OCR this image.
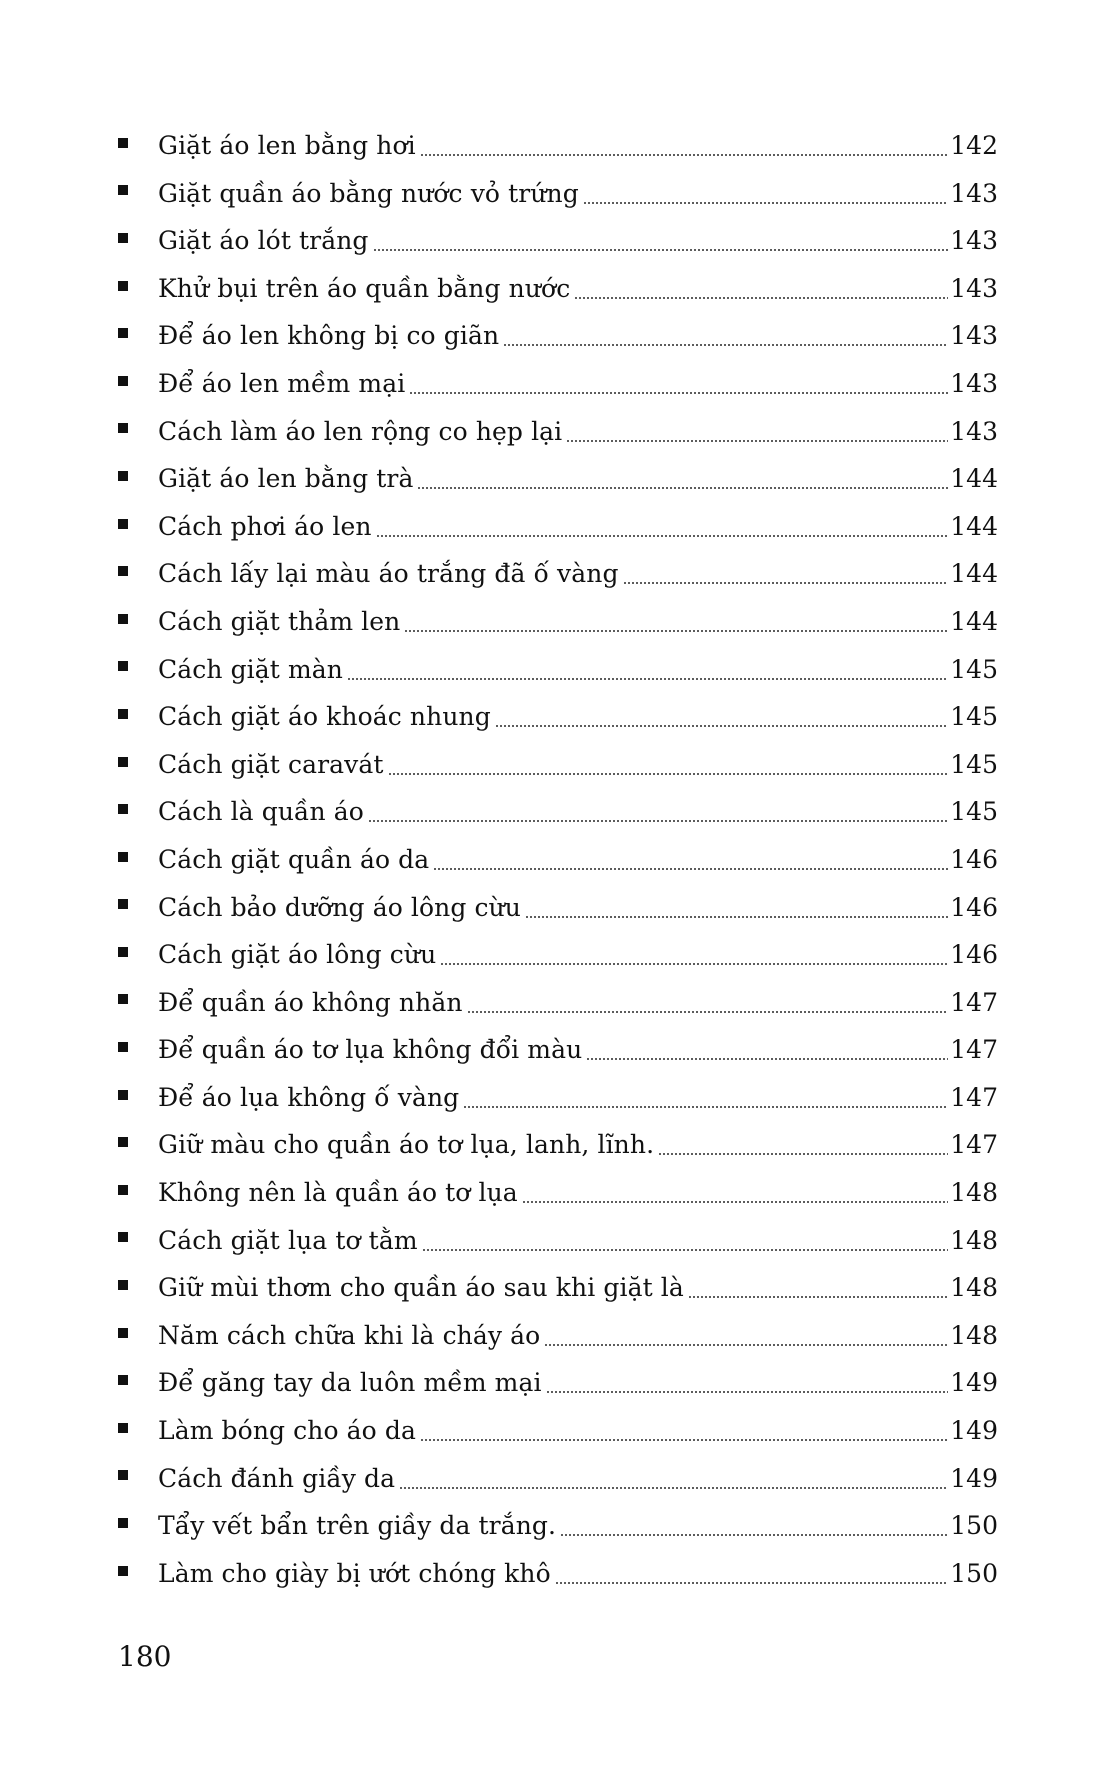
Giặt áo len bằng hơi	142
Giặt quần áo bằng nước vỏ trứng	143
Giặt áo lót trắng	143
Khử bụi trên áo quần bằng nước	143
Để áo len không bị co giãn	143
Để áo len mềm mại	143
Cách làm áo len rộng co hẹp lại	143
Giặt áo len bằng trà	144
Cách phơi áo len	144
Cách lấy lại màu áo trắng đã ố vàng	144
Cách giặt thảm len	144
Cách giặt màn	145
Cách giặt áo khoác nhung	145
Cách giặt caravát	145
Cách là quần áo	145
Cách giặt quần áo da	146
Cách bảo dưỡng áo lông cừu	146
Cách giặt áo lông cừu	146
Để quần áo không nhăn	147
Để quần áo tơ lụa không đổi màu	147
Để áo lụa không ố vàng	147
Giữ màu cho quần áo tơ lụa, lanh, lĩnh.	147
Không nên là quần áo tơ lụa	148
Cách giặt lụa tơ tằm	148
Giữ mùi thơm cho quần áo sau khi giặt là	148
Năm cách chữa khi là cháy áo	148
Để găng tay da luôn mềm mại	149
Làm bóng cho áo da	149
Cách đánh giầy da	149
Tẩy vết bẩn trên giầy da trắng.	150
Làm cho giày bị ướt chóng khô	150
180
